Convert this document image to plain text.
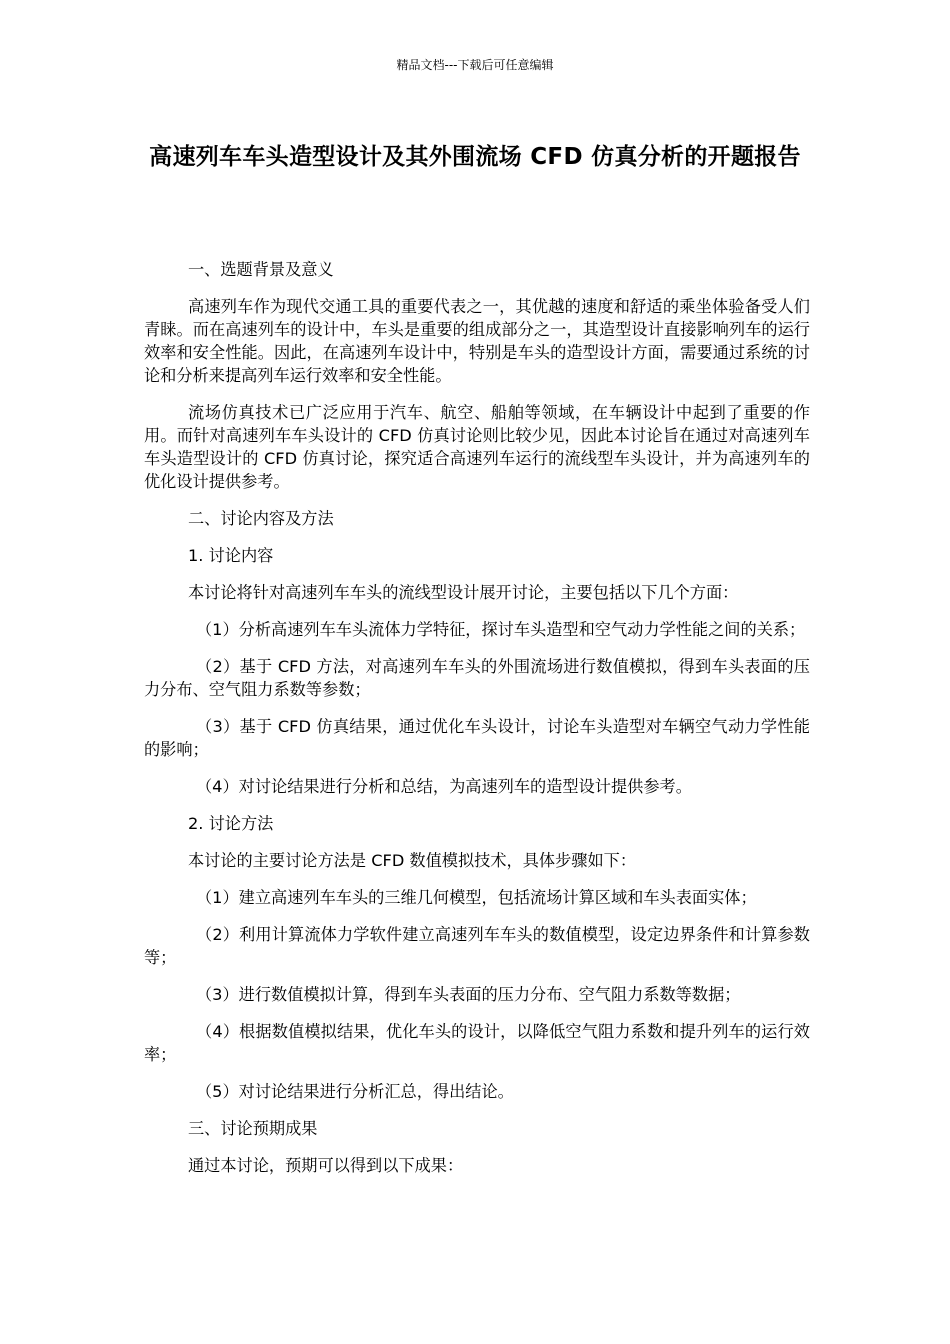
精品文档---下载后可任意编辑
高速列车车头造型设计及其外围流场 CFD 仿真分析的开题报告
一、选题背景及意义
高速列车作为现代交通工具的重要代表之一，其优越的速度和舒适的乘坐体验备受人们青睐。而在高速列车的设计中，车头是重要的组成部分之一，其造型设计直接影响列车的运行效率和安全性能。因此，在高速列车设计中，特别是车头的造型设计方面，需要通过系统的讨论和分析来提高列车运行效率和安全性能。
流场仿真技术已广泛应用于汽车、航空、船舶等领域，在车辆设计中起到了重要的作用。而针对高速列车车头设计的 CFD 仿真讨论则比较少见，因此本讨论旨在通过对高速列车车头造型设计的 CFD 仿真讨论，探究适合高速列车运行的流线型车头设计，并为高速列车的优化设计提供参考。
二、讨论内容及方法
1. 讨论内容
本讨论将针对高速列车车头的流线型设计展开讨论，主要包括以下几个方面：
（1）分析高速列车车头流体力学特征，探讨车头造型和空气动力学性能之间的关系；
（2）基于 CFD 方法，对高速列车车头的外围流场进行数值模拟，得到车头表面的压力分布、空气阻力系数等参数；
（3）基于 CFD 仿真结果，通过优化车头设计，讨论车头造型对车辆空气动力学性能的影响；
（4）对讨论结果进行分析和总结，为高速列车的造型设计提供参考。
2. 讨论方法
本讨论的主要讨论方法是 CFD 数值模拟技术，具体步骤如下：
（1）建立高速列车车头的三维几何模型，包括流场计算区域和车头表面实体；
（2）利用计算流体力学软件建立高速列车车头的数值模型，设定边界条件和计算参数等；
（3）进行数值模拟计算，得到车头表面的压力分布、空气阻力系数等数据；
（4）根据数值模拟结果，优化车头的设计，以降低空气阻力系数和提升列车的运行效率；
（5）对讨论结果进行分析汇总，得出结论。
三、讨论预期成果
通过本讨论，预期可以得到以下成果：
